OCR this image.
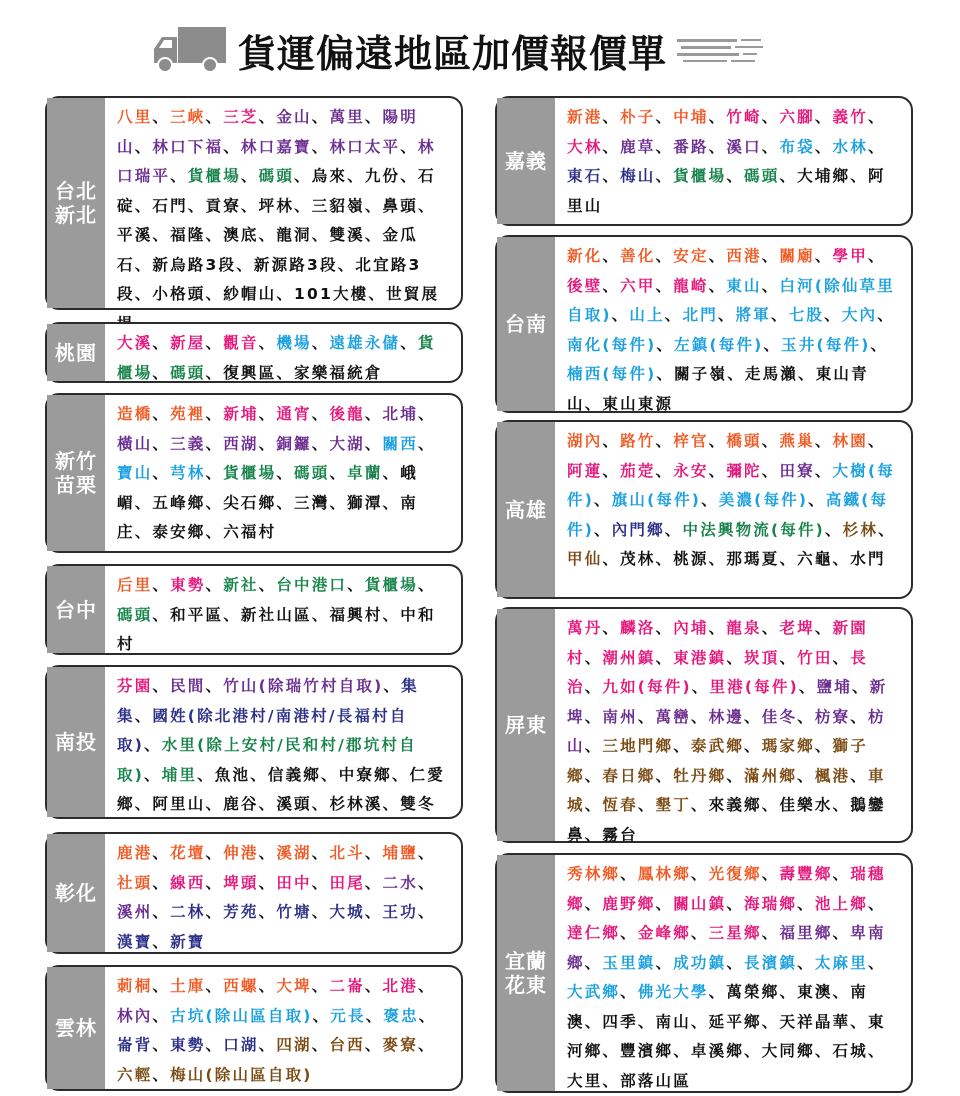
貨運偏遠地區加價報價單
台北
新北
八里、三峽、三芝、金山、萬里、陽明山、林口下福、林口嘉寶、林口太平、林口瑞平、貨櫃場、碼頭、烏來、九份、石碇、石門、貢寮、坪林、三貂嶺、鼻頭、平溪、福隆、澳底、龍洞、雙溪、金瓜石、新烏路3段、新源路3段、北宜路3段、小格頭、紗帽山、101大樓、世貿展
桃園	大溪、新屋、觀音、機場、遠雄永儲、貨櫃場、碼頭、復興區、家樂福統倉
新竹
苗栗
造橋、苑裡、新埔、通宵、後龍、北埔、橫山、三義、西湖、銅鑼、大湖、關西、寶山、芎林、貨櫃場、碼頭、卓蘭、峨嵋、五峰鄉、尖石鄉、三灣、獅潭、南庄、泰安鄉、六福村
台中
后里、東勢、新社、台中港口、貨櫃場、碼頭、和平區、新社山區、福興村、中和村
南投
芬園、民間、竹山(除瑞竹村自取)、集集、國姓(除北港村/南港村/長福村自取)、水里(除上安村/民和村/郡坑村自取)、埔里、魚池、信義鄉、中寮鄉、仁愛鄉、阿里山、鹿谷、溪頭、杉林溪、雙冬
彰化
鹿港、花壇、伸港、溪湖、北斗、埔鹽、社頭、線西、埤頭、田中、田尾、二水、溪州、二林、芳苑、竹塘、大城、王功、漢寶、新寶
雲林
莿桐、土庫、西螺、大埤、二崙、北港、林內、古坑(除山區自取)、元長、褒忠、崙背、東勢、口湖、四湖、台西、麥寮、六輕、梅山(除山區自取)
嘉義
新港、朴子、中埔、竹崎、六腳、義竹、大林、鹿草、番路、溪口、布袋、水林、東石、梅山、貨櫃場、碼頭、大埔鄉、阿里山
台南
新化、善化、安定、西港、關廟、學甲、後壁、六甲、龍崎、東山、白河(除仙草里自取)、山上、北門、將軍、七股、大內、南化(每件)、左鎮(每件)、玉井(每件)、楠西(每件)、關子嶺、走馬瀨、東山青山、東山東源
高雄
湖內、路竹、梓官、橋頭、燕巢、林園、阿蓮、茄萣、永安、彌陀、田寮、大樹(每件)、旗山(每件)、美濃(每件)、高鐵(每件)、內門鄉、中法興物流(每件)、杉林、甲仙、茂林、桃源、那瑪夏、六龜、水門
屏東
萬丹、麟洛、內埔、龍泉、老埤、新園村、潮州鎮、東港鎮、崁頂、竹田、長治、九如(每件)、里港(每件)、鹽埔、新埤、南州、萬巒、林邊、佳冬、枋寮、枋山、三地門鄉、泰武鄉、瑪家鄉、獅子鄉、春日鄉、牡丹鄉、滿州鄉、楓港、車城、恆春、墾丁、來義鄉、佳樂水、鵝鑾鼻、霧台
宜蘭
花東
秀林鄉、鳳林鄉、光復鄉、壽豐鄉、瑞穗鄉、鹿野鄉、關山鎮、海瑞鄉、池上鄉、達仁鄉、金峰鄉、三星鄉、福里鄉、卑南鄉、玉里鎮、成功鎮、長濱鎮、太麻里、大武鄉、佛光大學、萬榮鄉、東澳、南澳、四季、南山、延平鄉、天祥晶華、東河鄉、豐濱鄉、卓溪鄉、大同鄉、石城、大里、部落山區
